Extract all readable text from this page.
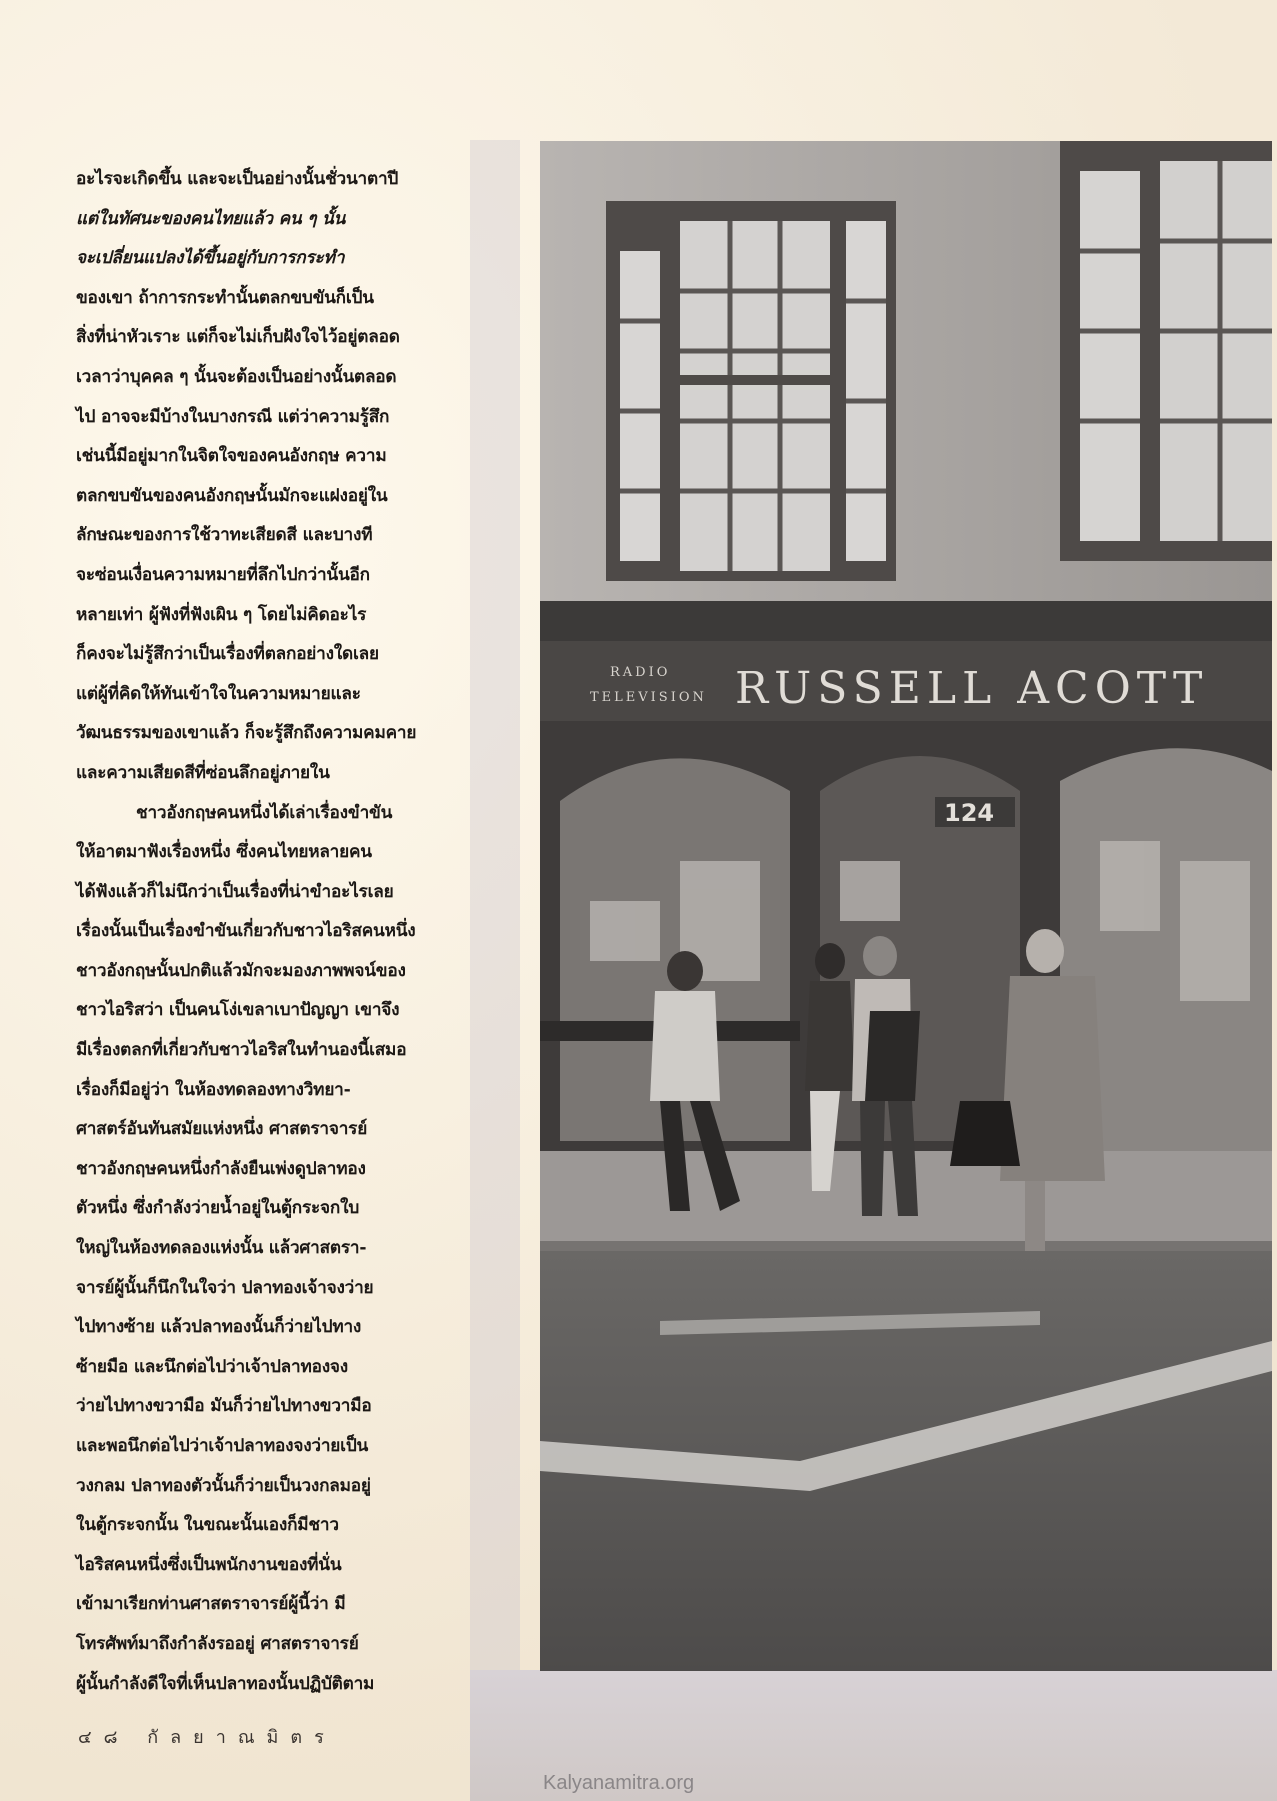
อะไรจะเกิดขึ้น และจะเป็นอย่างนั้นชั่วนาตาปี
แต่ในทัศนะของคนไทยแล้ว คน ๆ นั้น
จะเปลี่ยนแปลงได้ขึ้นอยู่กับการกระทำ
ของเขา ถ้าการกระทำนั้นตลกขบขันก็เป็น
สิ่งที่น่าหัวเราะ แต่ก็จะไม่เก็บฝังใจไว้อยู่ตลอด
เวลาว่าบุคคล ๆ นั้นจะต้องเป็นอย่างนั้นตลอด
ไป อาจจะมีบ้างในบางกรณี แต่ว่าความรู้สึก
เช่นนี้มีอยู่มากในจิตใจของคนอังกฤษ ความ
ตลกขบขันของคนอังกฤษนั้นมักจะแฝงอยู่ใน
ลักษณะของการใช้วาทะเสียดสี และบางที
จะซ่อนเงื่อนความหมายที่ลึกไปกว่านั้นอีก
หลายเท่า ผู้ฟังที่ฟังเผิน ๆ โดยไม่คิดอะไร
ก็คงจะไม่รู้สึกว่าเป็นเรื่องที่ตลกอย่างใดเลย
แต่ผู้ที่คิดให้ทันเข้าใจในความหมายและ
วัฒนธรรมของเขาแล้ว ก็จะรู้สึกถึงความคมคาย
และความเสียดสีที่ซ่อนลึกอยู่ภายใน
ชาวอังกฤษคนหนึ่งได้เล่าเรื่องขำขัน
ให้อาตมาฟังเรื่องหนึ่ง ซึ่งคนไทยหลายคน
ได้ฟังแล้วก็ไม่นึกว่าเป็นเรื่องที่น่าขำอะไรเลย
เรื่องนั้นเป็นเรื่องขำขันเกี่ยวกับชาวไอริสคนหนึ่ง
ชาวอังกฤษนั้นปกติแล้วมักจะมองภาพพจน์ของ
ชาวไอริสว่า เป็นคนโง่เขลาเบาปัญญา เขาจึง
มีเรื่องตลกที่เกี่ยวกับชาวไอริสในทำนองนี้เสมอ
เรื่องก็มีอยู่ว่า ในห้องทดลองทางวิทยา-
ศาสตร์อันทันสมัยแห่งหนึ่ง ศาสตราจารย์
ชาวอังกฤษคนหนึ่งกำลังยืนเพ่งดูปลาทอง
ตัวหนึ่ง ซึ่งกำลังว่ายน้ำอยู่ในตู้กระจกใบ
ใหญ่ในห้องทดลองแห่งนั้น แล้วศาสตรา-
จารย์ผู้นั้นก็นึกในใจว่า ปลาทองเจ้าจงว่าย
ไปทางซ้าย แล้วปลาทองนั้นก็ว่ายไปทาง
ซ้ายมือ และนึกต่อไปว่าเจ้าปลาทองจง
ว่ายไปทางขวามือ มันก็ว่ายไปทางขวามือ
และพอนึกต่อไปว่าเจ้าปลาทองจงว่ายเป็น
วงกลม ปลาทองตัวนั้นก็ว่ายเป็นวงกลมอยู่
ในตู้กระจกนั้น ในขณะนั้นเองก็มีชาว
ไอริสคนหนึ่งซึ่งเป็นพนักงานของที่นั่น
เข้ามาเรียกท่านศาสตราจารย์ผู้นี้ว่า มี
โทรศัพท์มาถึงกำลังรออยู่ ศาสตราจารย์
ผู้นั้นกำลังดีใจที่เห็นปลาทองนั้นปฏิบัติตาม
RADIO
TELEVISION RUSSELL ACOTT
124
๔๘ กัลยาณมิตร
Kalyanamitra.org
